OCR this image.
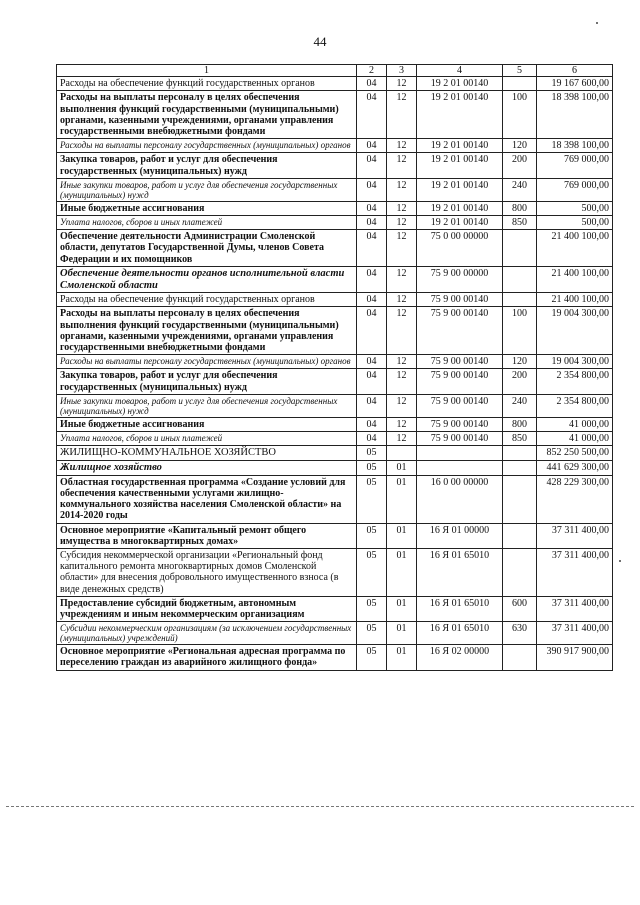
44
1	2	3	4	5	6
Расходы на обеспечение функций государственных органов	04	12	19 2 01 00140		19 167 600,00
Расходы на выплаты персоналу в целях обеспечения выполнения функций государственными (муниципальными) органами, казенными учреждениями, органами управления государственными внебюджетными фондами	04	12	19 2 01 00140	100	18 398 100,00
Расходы на выплаты персоналу государственных (муниципальных) органов	04	12	19 2 01 00140	120	18 398 100,00
Закупка товаров, работ и услуг для обеспечения государственных (муниципальных) нужд	04	12	19 2 01 00140	200	769 000,00
Иные закупки товаров, работ и услуг для обеспечения государственных (муниципальных) нужд	04	12	19 2 01 00140	240	769 000,00
Иные бюджетные ассигнования	04	12	19 2 01 00140	800	500,00
Уплата налогов, сборов и иных платежей	04	12	19 2 01 00140	850	500,00
Обеспечение деятельности Администрации Смоленской области, депутатов Государственной Думы, членов Совета Федерации и их помощников	04	12	75 0 00 00000		21 400 100,00
Обеспечение деятельности органов исполнительной власти Смоленской области	04	12	75 9 00 00000		21 400 100,00
Расходы на обеспечение функций государственных органов	04	12	75 9 00 00140		21 400 100,00
Расходы на выплаты персоналу в целях обеспечения выполнения функций государственными (муниципальными) органами, казенными учреждениями, органами управления государственными внебюджетными фондами	04	12	75 9 00 00140	100	19 004 300,00
Расходы на выплаты персоналу государственных (муниципальных) органов	04	12	75 9 00 00140	120	19 004 300,00
Закупка товаров, работ и услуг для обеспечения государственных (муниципальных) нужд	04	12	75 9 00 00140	200	2 354 800,00
Иные закупки товаров, работ и услуг для обеспечения государственных (муниципальных) нужд	04	12	75 9 00 00140	240	2 354 800,00
Иные бюджетные ассигнования	04	12	75 9 00 00140	800	41 000,00
Уплата налогов, сборов и иных платежей	04	12	75 9 00 00140	850	41 000,00
ЖИЛИЩНО-КОММУНАЛЬНОЕ ХОЗЯЙСТВО	05				852 250 500,00
Жилищное хозяйство	05	01			441 629 300,00
Областная государственная программа «Создание условий для обеспечения качественными услугами жилищно-коммунального хозяйства населения Смоленской области» на 2014-2020 годы	05	01	16 0 00 00000		428 229 300,00
Основное мероприятие «Капитальный ремонт общего имущества в многоквартирных домах»	05	01	16 Я 01 00000		37 311 400,00
Субсидия некоммерческой организации «Региональный фонд капитального ремонта многоквартирных домов Смоленской области» для внесения добровольного имущественного взноса (в виде денежных средств)	05	01	16 Я 01 65010		37 311 400,00
Предоставление субсидий бюджетным, автономным учреждениям и иным некоммерческим организациям	05	01	16 Я 01 65010	600	37 311 400,00
Субсидии некоммерческим организациям (за исключением государственных (муниципальных) учреждений)	05	01	16 Я 01 65010	630	37 311 400,00
Основное мероприятие «Региональная адресная программа по переселению граждан из аварийного жилищного фонда»	05	01	16 Я 02 00000		390 917 900,00
